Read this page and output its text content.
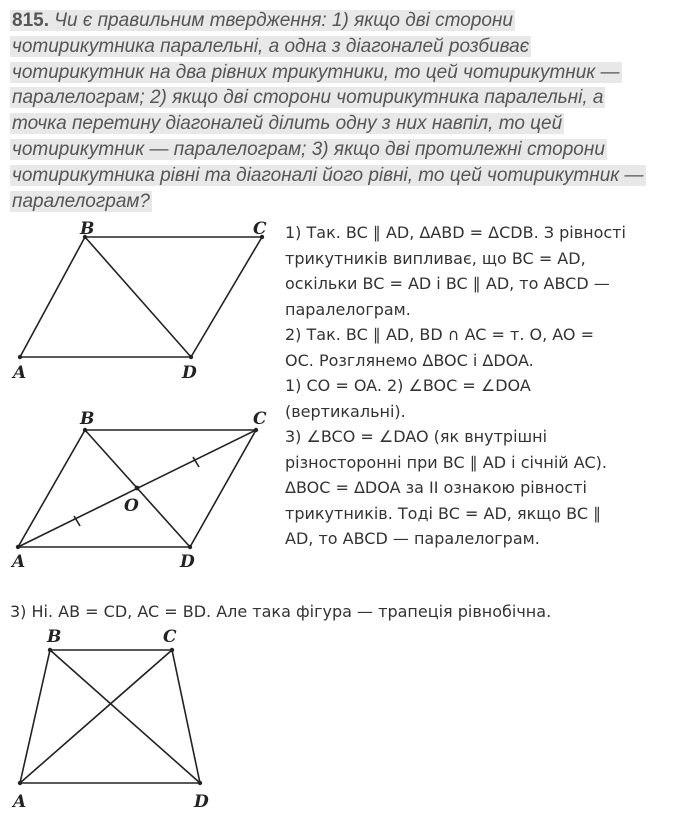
815. Чи є правильним твердження: 1) якщо дві сторони
чотирикутника паралельні, а одна з діагоналей розбиває
чотирикутник на два рівних трикутники, то цей чотирикутник —
паралелограм; 2) якщо дві сторони чотирикутника паралельні, а
точка перетину діагоналей ділить одну з них навпіл, то цей
чотирикутник — паралелограм; 3) якщо дві протилежні сторони
чотирикутника рівні та діагоналі його рівні, то цей чотирикутник —
паралелограм?
B	C
A	D
B	C
A	D
O
1) Так. BC ∥ AD, ΔABD = ΔCDB. З рівності
трикутників випливає, що BC = AD,
оскільки BC = AD і BC ∥ AD, то ABCD —
паралелограм.
2) Так. BC ∥ AD, BD ∩ AC = т. O, AO =
OC. Розглянемо ΔBOC і ΔDOA.
1) CO = OA. 2) ∠BOC = ∠DOA
(вертикальні).
3) ∠BCO = ∠DAO (як внутрішні
різносторонні при BC ∥ AD і січній AC).
ΔBOC = ΔDOA за II ознакою рівності
трикутників. Тоді BC = AD, якщо BC ∥
AD, то ABCD — паралелограм.
3) Ні. AB = CD, AC = BD. Але така фігура — трапеція рівнобічна.
B	C
A	D
